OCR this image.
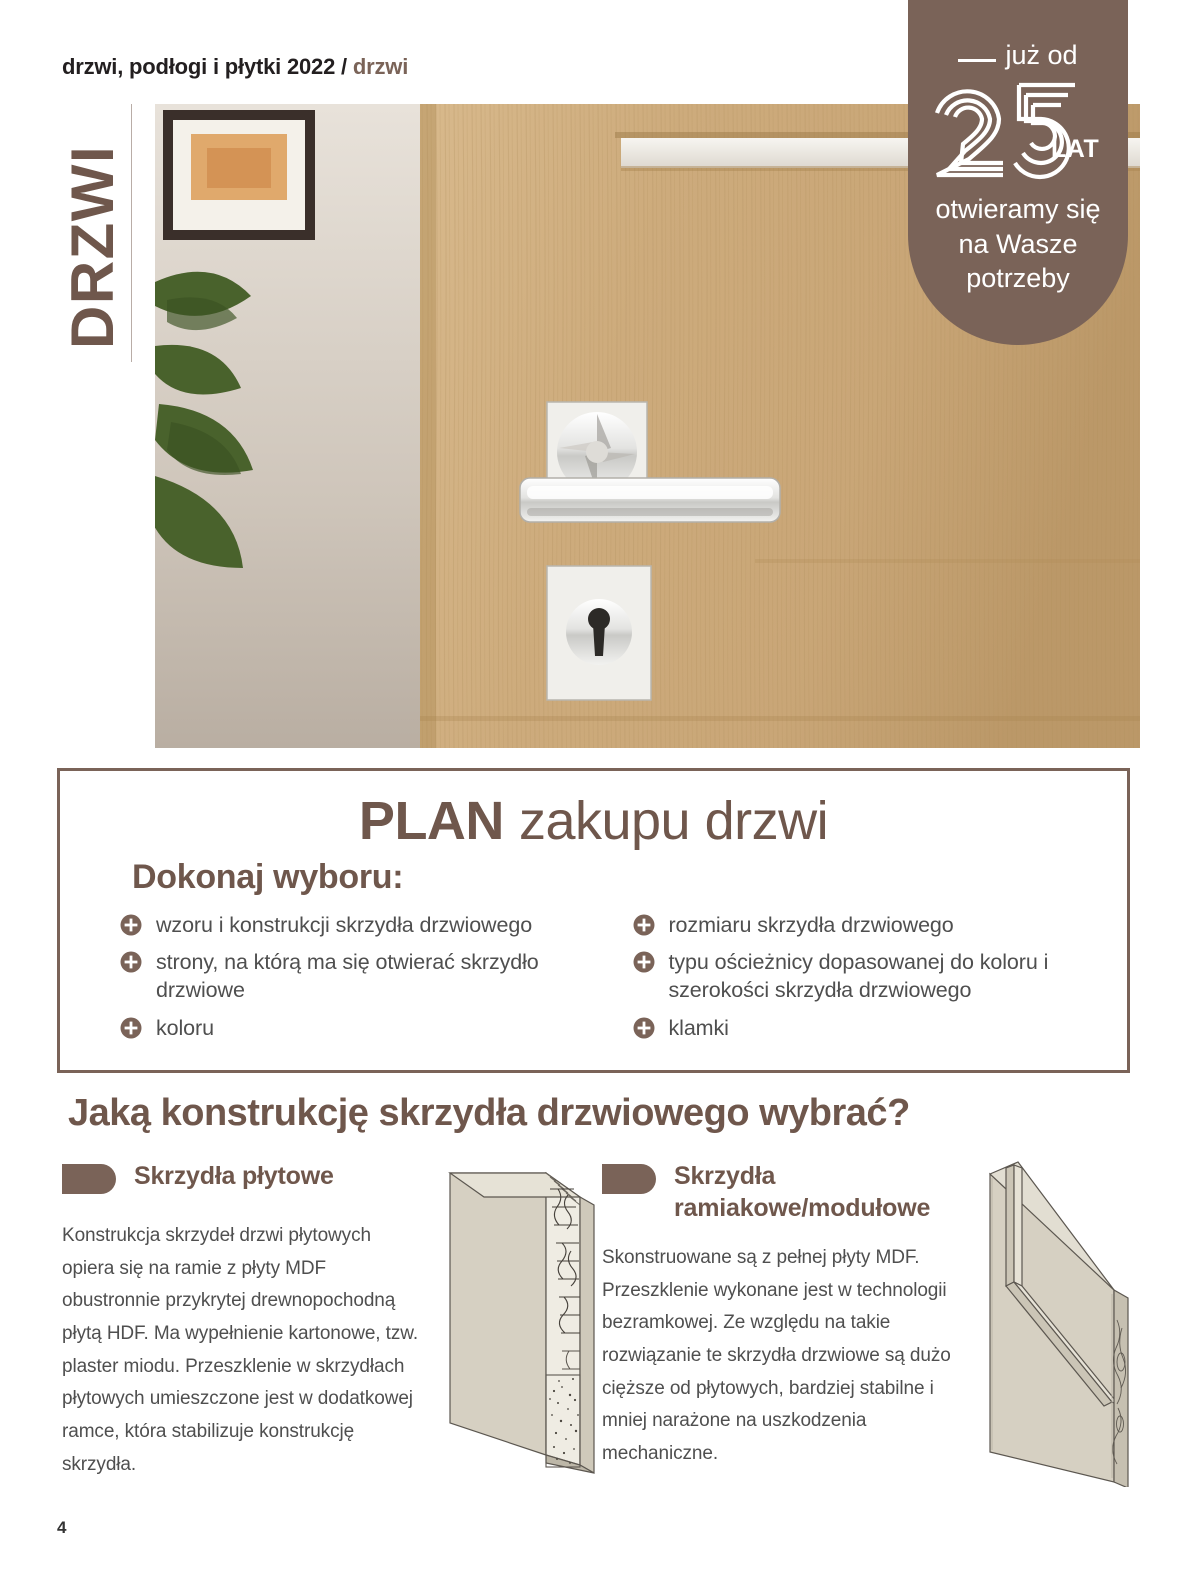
drzwi, podłogi i płytki 2022 / drzwi
DRZWI
już od
LAT
otwieramy się
na Wasze
potrzeby
PLAN zakupu drzwi
Dokonaj wyboru:
wzoru i konstrukcji skrzydła drzwiowego
strony, na którą ma się otwierać skrzydło drzwiowe
koloru
rozmiaru skrzydła drzwiowego
typu ościeżnicy dopasowanej do koloru i szerokości skrzydła drzwiowego
klamki
Jaką konstrukcję skrzydła drzwiowego wybrać?
Skrzydła płytowe

Konstrukcja skrzydeł drzwi płytowych opiera się na ramie z płyty MDF obustronnie przykrytej drewnopochodną płytą HDF. Ma wypełnienie kartonowe, tzw. plaster miodu. Przeszklenie w skrzydłach płytowych umieszczone jest w dodatkowej ramce, która stabilizuje konstrukcję skrzydła.

Skrzydła
ramiakowe/modułowe

Skonstruowane są z pełnej płyty MDF. Przeszklenie wykonane jest w technologii bezramkowej. Ze względu na takie rozwiązanie te skrzydła drzwiowe są dużo cięższe od płytowych, bardziej stabilne i mniej narażone na uszkodzenia mechaniczne.

4
